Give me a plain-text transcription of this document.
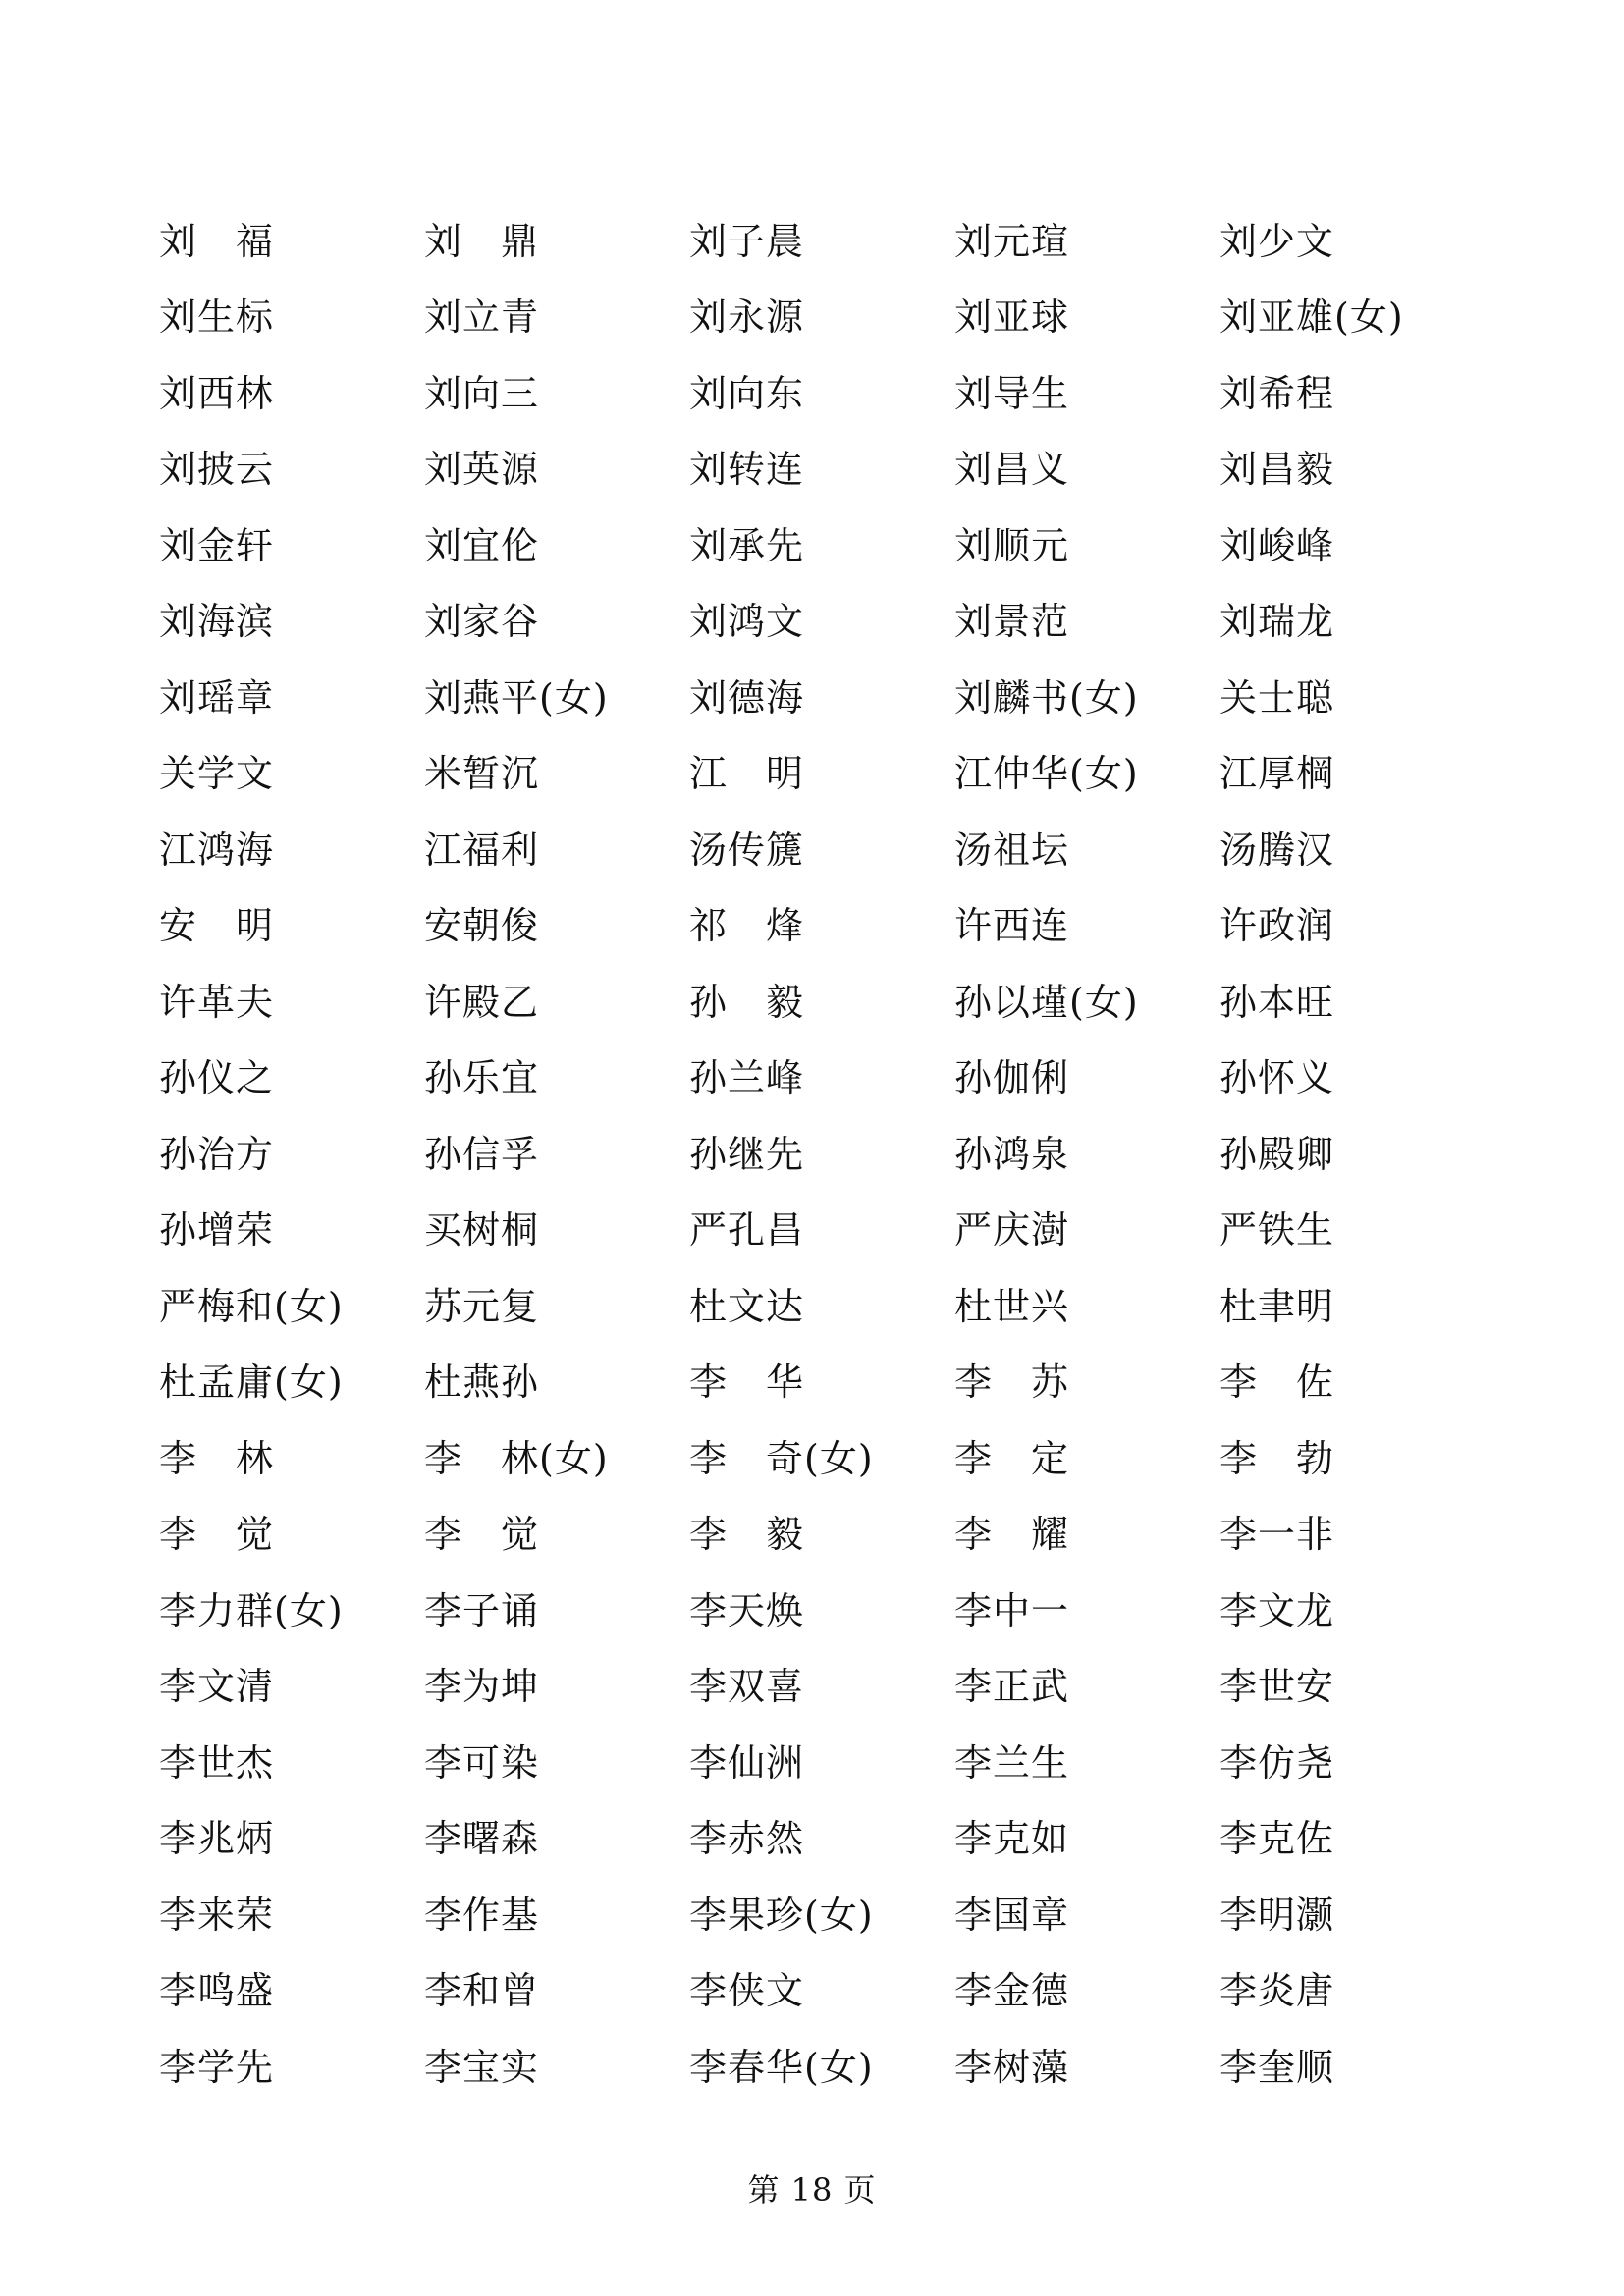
刘　福	刘　鼎	刘子晨	刘元瑄	刘少文
刘生标	刘立青	刘永源	刘亚球	刘亚雄(女)
刘西林	刘向三	刘向东	刘导生	刘希程
刘披云	刘英源	刘转连	刘昌义	刘昌毅
刘金轩	刘宜伦	刘承先	刘顺元	刘峻峰
刘海滨	刘家谷	刘鸿文	刘景范	刘瑞龙
刘瑶章	刘燕平(女)	刘德海	刘麟书(女)	关士聪
关学文	米暂沉	江　明	江仲华(女)	江厚棡
江鸿海	江福利	汤传篪	汤祖坛	汤腾汉
安　明	安朝俊	祁　烽	许西连	许政润
许革夫	许殿乙	孙　毅	孙以瑾(女)	孙本旺
孙仪之	孙乐宜	孙兰峰	孙伽俐	孙怀义
孙治方	孙信孚	孙继先	孙鸿泉	孙殿卿
孙增荣	买树桐	严孔昌	严庆澍	严铁生
严梅和(女)	苏元复	杜文达	杜世兴	杜聿明
杜孟庸(女)	杜燕孙	李　华	李　苏	李　佐
李　林	李　林(女)	李　奇(女)	李　定	李　勃
李　觉	李　觉	李　毅	李　耀	李一非
李力群(女)	李子诵	李天焕	李中一	李文龙
李文清	李为坤	李双喜	李正武	李世安
李世杰	李可染	李仙洲	李兰生	李仿尧
李兆炳	李曙森	李赤然	李克如	李克佐
李来荣	李作基	李果珍(女)	李国章	李明灏
李鸣盛	李和曾	李侠文	李金德	李炎唐
李学先	李宝实	李春华(女)	李树藻	李奎顺
第 18 页
